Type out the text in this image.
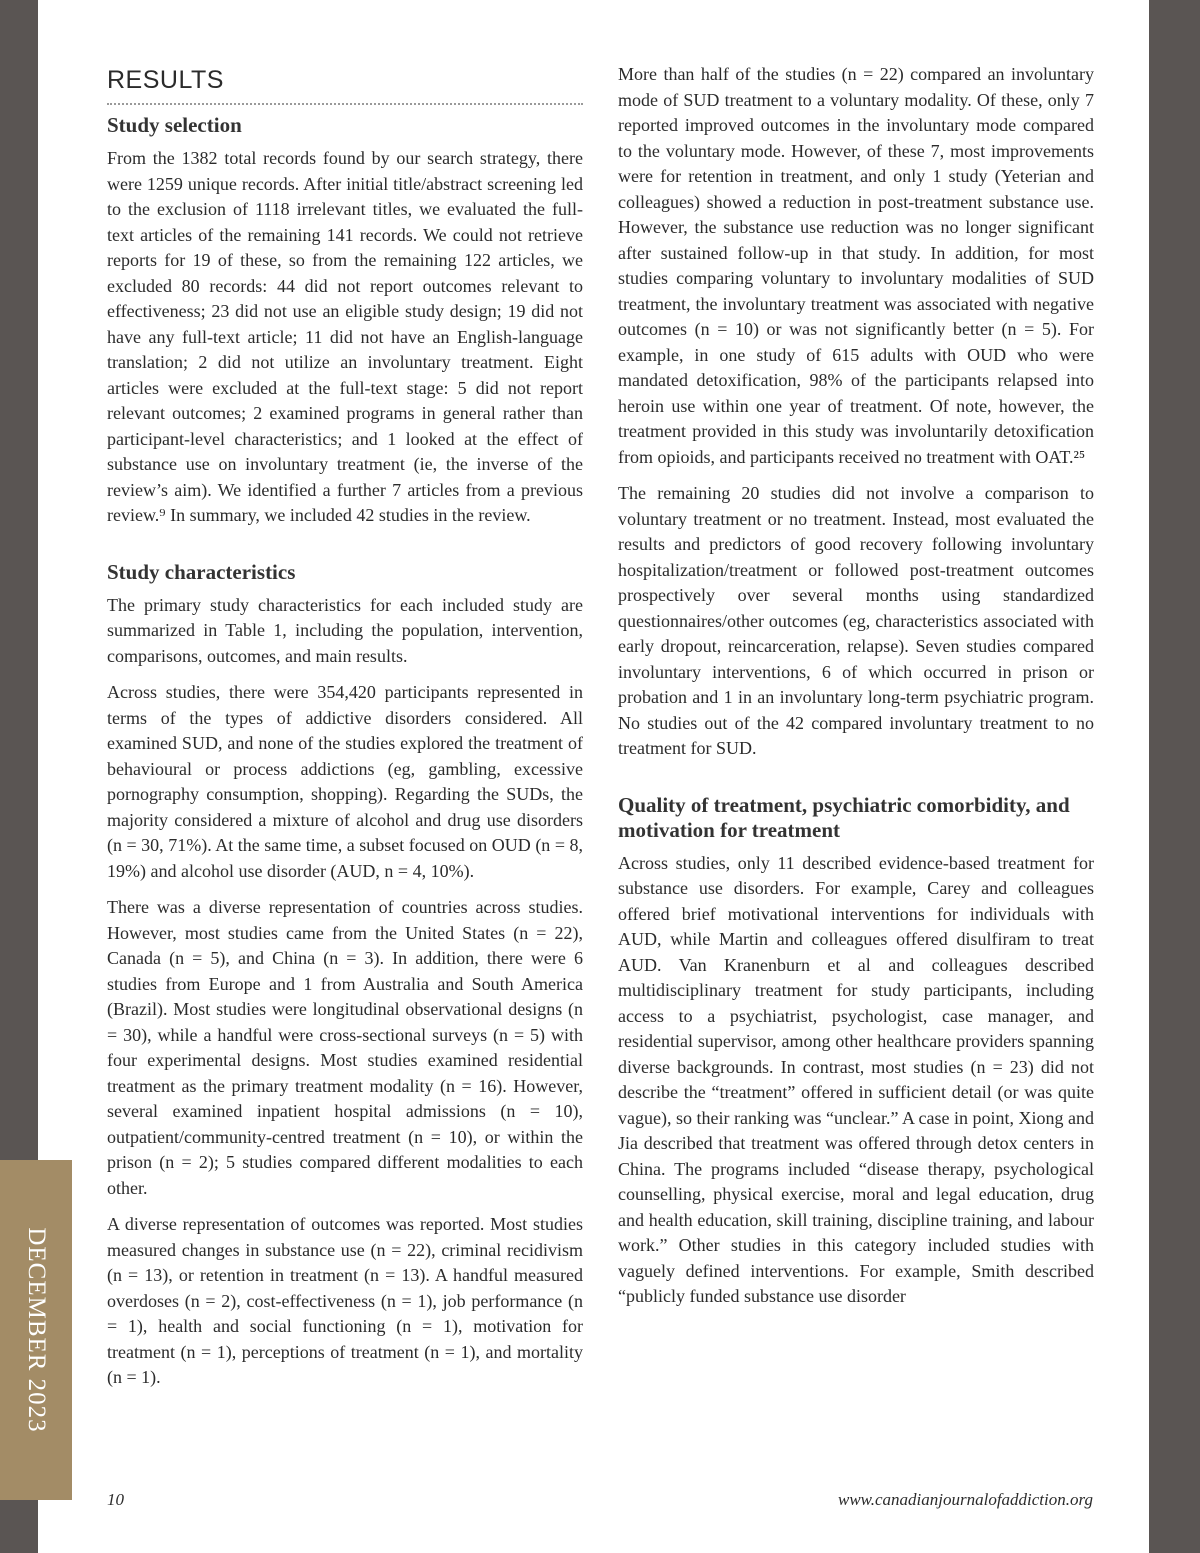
DECEMBER 2023
RESULTS
Study selection

From the 1382 total records found by our search strategy, there were 1259 unique records. After initial title/abstract screening led to the exclusion of 1118 irrelevant titles, we evaluated the full-text articles of the remaining 141 records. We could not retrieve reports for 19 of these, so from the remaining 122 articles, we excluded 80 records: 44 did not report outcomes relevant to effectiveness; 23 did not use an eligible study design; 19 did not have any full-text article; 11 did not have an English-language translation; 2 did not utilize an involuntary treatment. Eight articles were excluded at the full-text stage: 5 did not report relevant outcomes; 2 examined programs in general rather than participant-level characteristics; and 1 looked at the effect of substance use on involuntary treatment (ie, the inverse of the review’s aim). We identified a further 7 articles from a previous review.⁹ In summary, we included 42 studies in the review.

Study characteristics

The primary study characteristics for each included study are summarized in Table 1, including the population, intervention, comparisons, outcomes, and main results.

Across studies, there were 354,420 participants represented in terms of the types of addictive disorders considered. All examined SUD, and none of the studies explored the treatment of behavioural or process addictions (eg, gambling, excessive pornography consumption, shopping). Regarding the SUDs, the majority considered a mixture of alcohol and drug use disorders (n = 30, 71%). At the same time, a subset focused on OUD (n = 8, 19%) and alcohol use disorder (AUD, n = 4, 10%).

There was a diverse representation of countries across studies. However, most studies came from the United States (n = 22), Canada (n = 5), and China (n = 3). In addition, there were 6 studies from Europe and 1 from Australia and South America (Brazil). Most studies were longitudinal observational designs (n = 30), while a handful were cross-sectional surveys (n = 5) with four experimental designs. Most studies examined residential treatment as the primary treatment modality (n = 16). However, several examined inpatient hospital admissions (n = 10), outpatient/community-centred treatment (n = 10), or within the prison (n = 2); 5 studies compared different modalities to each other.

A diverse representation of outcomes was reported. Most studies measured changes in substance use (n = 22), criminal recidivism (n = 13), or retention in treatment (n = 13). A handful measured overdoses (n = 2), cost-effectiveness (n = 1), job performance (n = 1), health and social functioning (n = 1), motivation for treatment (n = 1), perceptions of treatment (n = 1), and mortality (n = 1).

More than half of the studies (n = 22) compared an involuntary mode of SUD treatment to a voluntary modality. Of these, only 7 reported improved outcomes in the involuntary mode compared to the voluntary mode. However, of these 7, most improvements were for retention in treatment, and only 1 study (Yeterian and colleagues) showed a reduction in post-treatment substance use. However, the substance use reduction was no longer significant after sustained follow-up in that study. In addition, for most studies comparing voluntary to involuntary modalities of SUD treatment, the involuntary treatment was associated with negative outcomes (n = 10) or was not significantly better (n = 5). For example, in one study of 615 adults with OUD who were mandated detoxification, 98% of the participants relapsed into heroin use within one year of treatment. Of note, however, the treatment provided in this study was involuntarily detoxification from opioids, and participants received no treatment with OAT.²⁵

The remaining 20 studies did not involve a comparison to voluntary treatment or no treatment. Instead, most evaluated the results and predictors of good recovery following involuntary hospitalization/treatment or followed post-treatment outcomes prospectively over several months using standardized questionnaires/other outcomes (eg, characteristics associated with early dropout, reincarceration, relapse). Seven studies compared involuntary interventions, 6 of which occurred in prison or probation and 1 in an involuntary long-term psychiatric program. No studies out of the 42 compared involuntary treatment to no treatment for SUD.

Quality of treatment, psychiatric comorbidity, and motivation for treatment

Across studies, only 11 described evidence-based treatment for substance use disorders. For example, Carey and colleagues offered brief motivational interventions for individuals with AUD, while Martin and colleagues offered disulfiram to treat AUD. Van Kranenburn et al and colleagues described multidisciplinary treatment for study participants, including access to a psychiatrist, psychologist, case manager, and residential supervisor, among other healthcare providers spanning diverse backgrounds. In contrast, most studies (n = 23) did not describe the “treatment” offered in sufficient detail (or was quite vague), so their ranking was “unclear.” A case in point, Xiong and Jia described that treatment was offered through detox centers in China. The programs included “disease therapy, psychological counselling, physical exercise, moral and legal education, drug and health education, skill training, discipline training, and labour work.” Other studies in this category included studies with vaguely defined interventions. For example, Smith described “publicly funded substance use disorder

10	www.canadianjournalofaddiction.org
